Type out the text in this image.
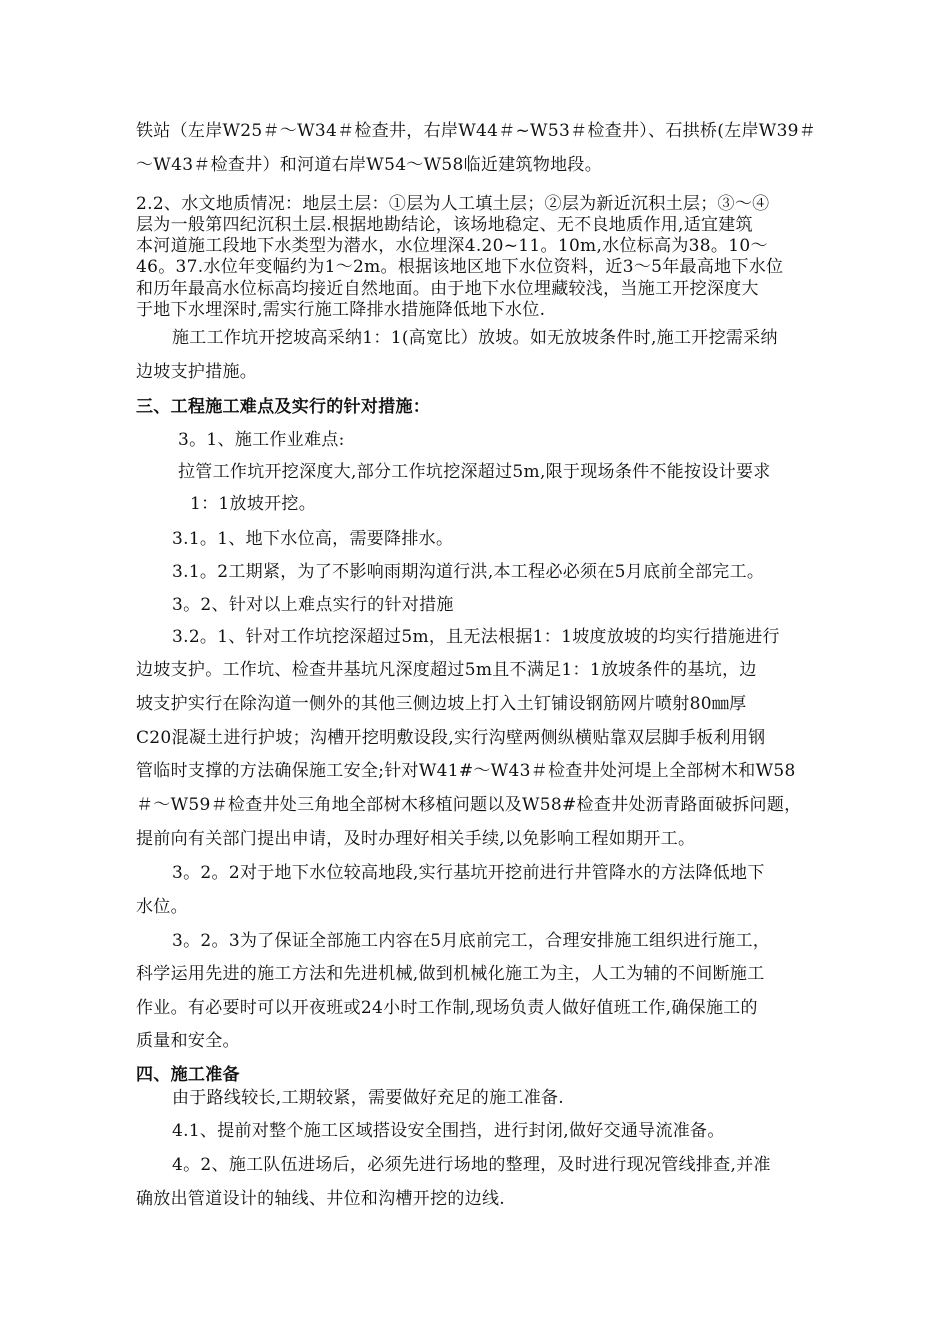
铁站（左岸W25＃～W34＃检查井，右岸W44＃~W53＃检查井）、石拱桥(左岸W39＃
～W43＃检查井）和河道右岸W54～W58临近建筑物地段。
2.2、水文地质情况：地层土层：①层为人工填土层；②层为新近沉积土层；③～④
层为一般第四纪沉积土层.根据地勘结论，该场地稳定、无不良地质作用,适宜建筑
本河道施工段地下水类型为潜水，水位埋深4.20~11。10m,水位标高为38。10～
46。37.水位年变幅约为1～2m。根据该地区地下水位资料，近3～5年最高地下水位
和历年最高水位标高均接近自然地面。由于地下水位埋藏较浅，当施工开挖深度大
于地下水埋深时,需实行施工降排水措施降低地下水位.
施工工作坑开挖坡高采纳1：1(高宽比）放坡。如无放坡条件时,施工开挖需采纳
边坡支护措施。
三、工程施工难点及实行的针对措施：
3。1、施工作业难点:
拉管工作坑开挖深度大,部分工作坑挖深超过5m,限于现场条件不能按设计要求
1：1放坡开挖。
3.1。1、地下水位高，需要降排水。
3.1。2工期紧，为了不影响雨期沟道行洪,本工程必必须在5月底前全部完工。
3。2、针对以上难点实行的针对措施
3.2。1、针对工作坑挖深超过5m，且无法根据1：1坡度放坡的均实行措施进行
边坡支护。工作坑、检查井基坑凡深度超过5m且不满足1：1放坡条件的基坑，边
坡支护实行在除沟道一侧外的其他三侧边坡上打入土钉铺设钢筋网片喷射80㎜厚
C20混凝土进行护坡；沟槽开挖明敷设段,实行沟壁两侧纵横贴靠双层脚手板利用钢
管临时支撑的方法确保施工安全;针对W41#～W43＃检查井处河堤上全部树木和W58
＃～W59＃检查井处三角地全部树木移植问题以及W58#检查井处沥青路面破拆问题，
提前向有关部门提出申请，及时办理好相关手续,以免影响工程如期开工。
3。2。2对于地下水位较高地段,实行基坑开挖前进行井管降水的方法降低地下
水位。
3。2。3为了保证全部施工内容在5月底前完工，合理安排施工组织进行施工，
科学运用先进的施工方法和先进机械,做到机械化施工为主，人工为辅的不间断施工
作业。有必要时可以开夜班或24小时工作制,现场负责人做好值班工作,确保施工的
质量和安全。
四、施工准备
由于路线较长,工期较紧，需要做好充足的施工准备.
4.1、提前对整个施工区域搭设安全围挡，进行封闭,做好交通导流准备。
4。2、施工队伍进场后，必须先进行场地的整理，及时进行现况管线排查,并准
确放出管道设计的轴线、井位和沟槽开挖的边线.
